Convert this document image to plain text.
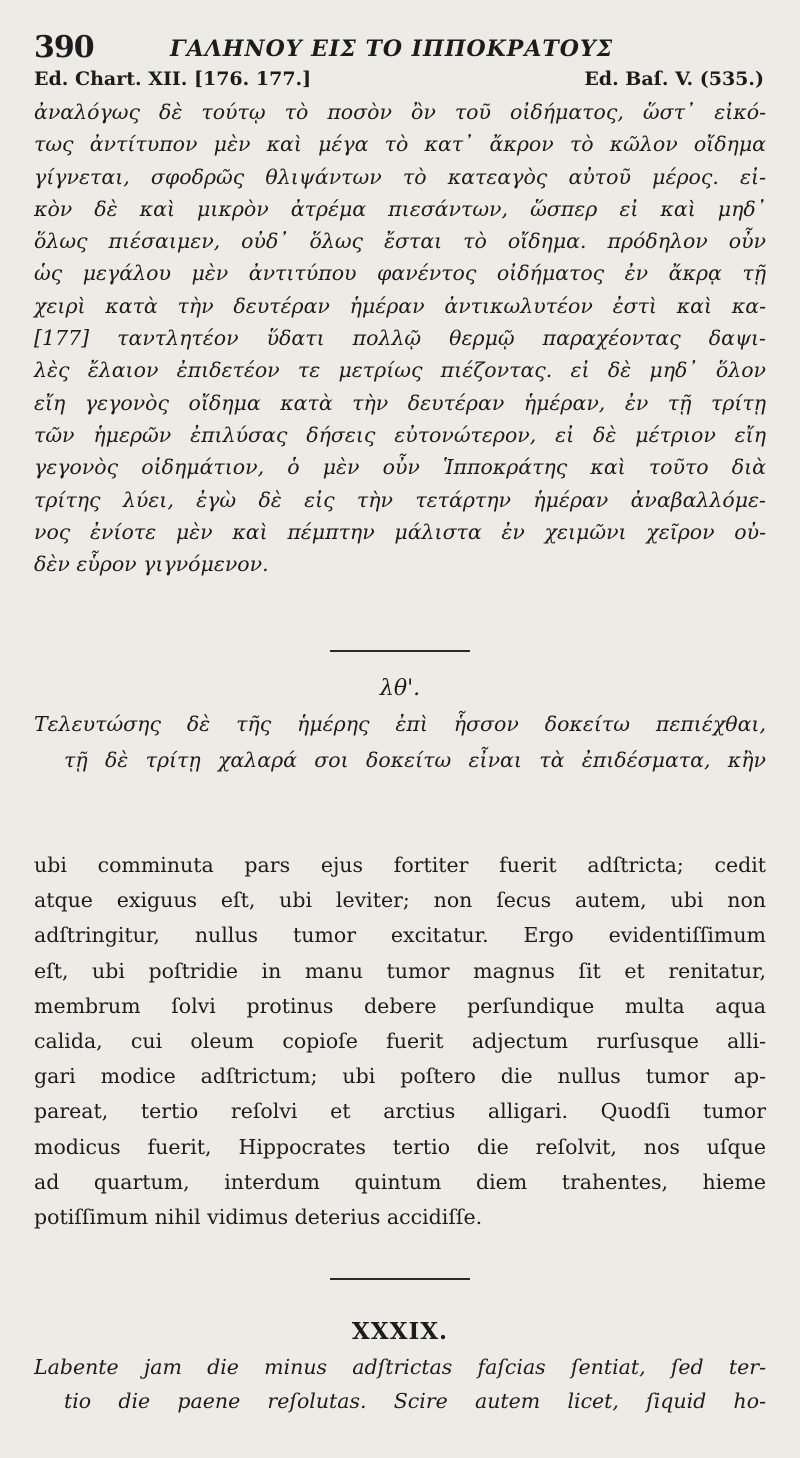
390	ΓΑΛΗΝΟΥ ΕΙΣ ΤΟ ΙΠΠΟΚΡΑΤΟΥΣ
Ed. Chart. XII. [176. 177.]	Ed. Baſ. V. (535.)

ἀναλόγως δὲ τούτῳ τὸ ποσὸν ὂν τοῦ οἰδήματος, ὥστ᾽ εἰκό-
τως ἀντίτυπον μὲν καὶ μέγα τὸ κατ᾽ ἄκρον τὸ κῶλον οἴδημα
γίγνεται, σφοδρῶς θλιψάντων τὸ κατεαγὸς αὐτοῦ μέρος. εἰ-
κὸν δὲ καὶ μικρὸν ἀτρέμα πιεσάντων, ὥσπερ εἰ καὶ μηδ᾽
ὅλως πιέσαιμεν, οὐδ᾽ ὅλως ἔσται τὸ οἴδημα. πρόδηλον οὖν
ὡς μεγάλου μὲν ἀντιτύπου φανέντος οἰδήματος ἐν ἄκρᾳ τῇ
χειρὶ κατὰ τὴν δευτέραν ἡμέραν ἀντικωλυτέον ἐστὶ καὶ κα-
[177] ταντλητέον ὕδατι πολλῷ θερμῷ παραχέοντας δαψι-
λὲς ἔλαιον ἐπιδετέον τε μετρίως πιέζοντας. εἰ δὲ μηδ᾽ ὅλον
εἴη γεγονὸς οἴδημα κατὰ τὴν δευτέραν ἡμέραν, ἐν τῇ τρίτῃ
τῶν ἡμερῶν ἐπιλύσας δήσεις εὐτονώτερον, εἰ δὲ μέτριον εἴη
γεγονὸς οἰδημάτιον, ὁ μὲν οὖν Ἱπποκράτης καὶ τοῦτο διὰ
τρίτης λύει, ἐγὼ δὲ εἰς τὴν τετάρτην ἡμέραν ἀναβαλλόμε-
νος ἐνίοτε μὲν καὶ πέμπτην μάλιστα ἐν χειμῶνι χεῖρον οὐ-
δὲν εὗρον γιγνόμενον.

λθ'.

Τελευτώσης δὲ τῆς ἡμέρης ἐπὶ ἧσσον δοκείτω πεπιέχθαι,
τῇ δὲ τρίτῃ χαλαρά σοι δοκείτω εἶναι τὰ ἐπιδέσματα, κἢν

ubi comminuta pars ejus fortiter fuerit adſtricta; cedit
atque exiguus eſt, ubi leviter; non ſecus autem, ubi non
adſtringitur, nullus tumor excitatur. Ergo evidentiſſimum
eſt, ubi poſtridie in manu tumor magnus ſit et renitatur,
membrum ſolvi protinus debere perſundique multa aqua
calida, cui oleum copioſe fuerit adjectum rurſusque alli-
gari modice adſtrictum; ubi poſtero die nullus tumor ap-
pareat, tertio reſolvi et arctius alligari. Quodſi tumor
modicus fuerit, Hippocrates tertio die reſolvit, nos uſque
ad quartum, interdum quintum diem trahentes, hieme
potiſſimum nihil vidimus deterius accidiſſe.

XXXIX.

Labente jam die minus adſtrictas faſcias ſentiat, ſed ter-
tio die paene reſolutas. Scire autem licet, ſiquid ho-
